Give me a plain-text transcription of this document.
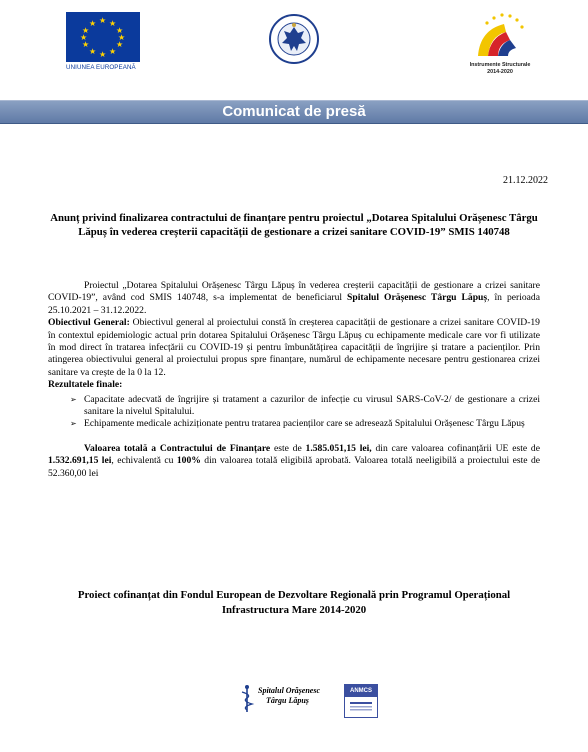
★ ★
★
★
★
★
★
★
★
★
★
★
UNIUNEA EUROPEANĂ	Instrumente Structurale
2014-2020
Comunicat de presă
21.12.2022
Anunț privind finalizarea contractului de finanțare pentru proiectul „Dotarea Spitalului Orășenesc Târgu Lăpuș în vederea creșterii capacității de gestionare a crizei sanitare COVID-19” SMIS 140748

Proiectul „Dotarea Spitalului Orășenesc Târgu Lăpuș în vederea creșterii capacității de gestionare a crizei sanitare COVID-19”, având cod SMIS 140748, s-a implementat de beneficiarul Spitalul Orășenesc Târgu Lăpuș, în perioada 25.10.2021 – 31.12.2022.

Obiectivul General: Obiectivul general al proiectului constă în creșterea capacității de gestionare a crizei sanitare COVID-19 în contextul epidemiologic actual prin dotarea Spitalului Orășenesc Târgu Lăpuș cu echipamente medicale care vor fi utilizate în mod direct în tratarea infecțării cu COVID-19 și pentru îmbunătățirea capacității de îngrijire și tratare a pacienților. Prin atingerea obiectivului general al proiectului propus spre finanțare, numărul de echipamente necesare pentru gestionarea crizei sanitare va crește de la 0 la 12.

Rezultatele finale:

➢ Capacitate adecvată de îngrijire și tratament a cazurilor de infecție cu virusul SARS-CoV-2/ de gestionare a crizei sanitare la nivelul Spitalului.
➢ Echipamente medicale achiziționate pentru tratarea pacienților care se adresează Spitalului Orășenesc Târgu Lăpuș

Valoarea totală a Contractului de Finanțare este de 1.585.051,15 lei, din care valoarea cofinanțării UE este de 1.532.691,15 lei, echivalentă cu 100% din valoarea totală eligibilă aprobată. Valoarea totală neeligibilă a proiectului este de 52.360,00 lei

Proiect cofinanțat din Fondul European de Dezvoltare Regională prin Programul Operațional Infrastructura Mare 2014-2020
Spitalul Orășenesc
Târgu Lăpuș
ANMCS
